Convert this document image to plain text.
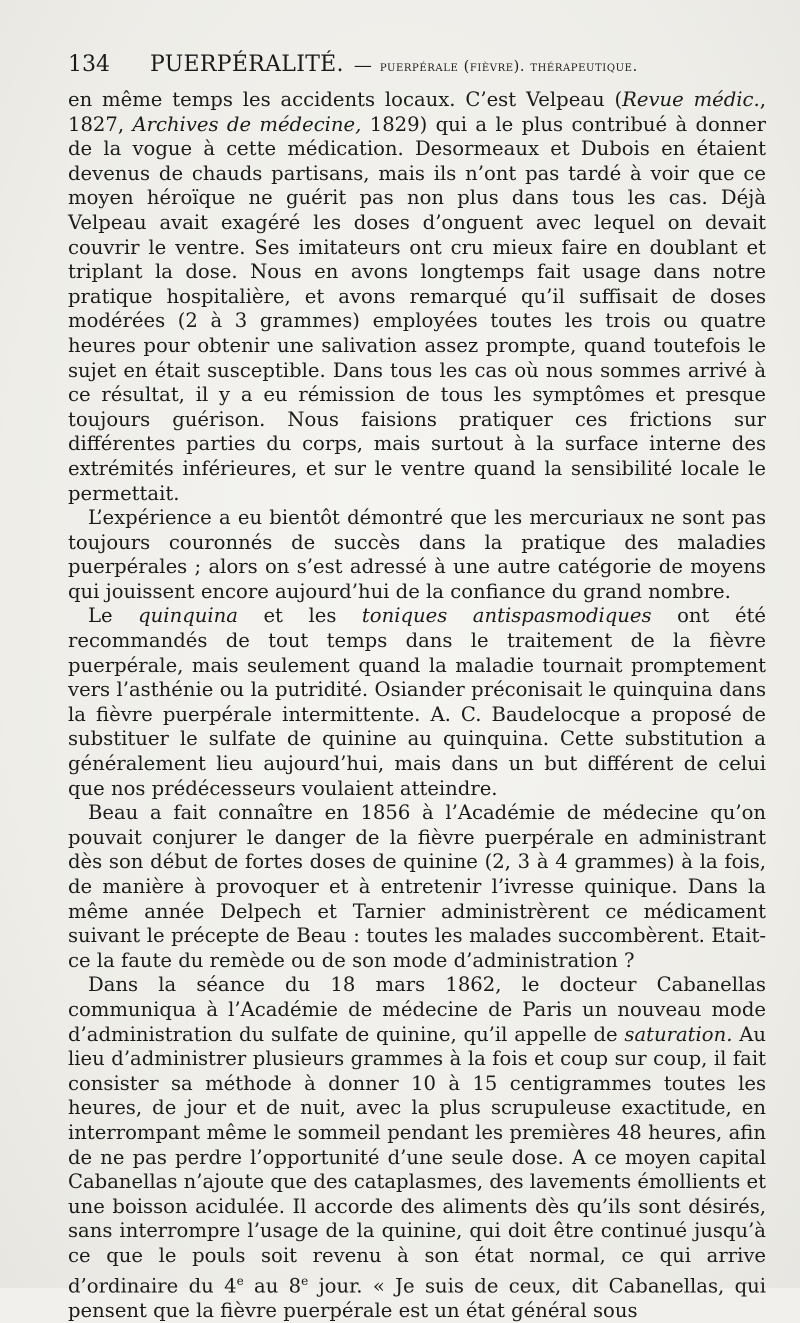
134	PUERPÉRALITÉ. — puerpérale (fièvre). thérapeutique.

en même temps les accidents locaux. C’est Velpeau (Revue médic., 1827, Archives de médecine, 1829) qui a le plus contribué à donner de la vogue à cette médication. Desormeaux et Dubois en étaient devenus de chauds partisans, mais ils n’ont pas tardé à voir que ce moyen héroïque ne guérit pas non plus dans tous les cas. Déjà Velpeau avait exagéré les doses d’onguent avec lequel on devait couvrir le ventre. Ses imitateurs ont cru mieux faire en doublant et triplant la dose. Nous en avons longtemps fait usage dans notre pratique hospitalière, et avons remarqué qu’il suffisait de doses modérées (2 à 3 grammes) employées toutes les trois ou quatre heures pour obtenir une salivation assez prompte, quand toutefois le sujet en était susceptible. Dans tous les cas où nous sommes arrivé à ce résultat, il y a eu rémission de tous les symptômes et presque toujours guérison. Nous faisions pratiquer ces frictions sur différentes parties du corps, mais surtout à la surface interne des extrémités inférieures, et sur le ventre quand la sensibilité locale le permettait.

L’expérience a eu bientôt démontré que les mercuriaux ne sont pas toujours couronnés de succès dans la pratique des maladies puerpérales ; alors on s’est adressé à une autre catégorie de moyens qui jouissent encore aujourd’hui de la confiance du grand nombre.

Le quinquina et les toniques antispasmodiques ont été recommandés de tout temps dans le traitement de la fièvre puerpérale, mais seulement quand la maladie tournait promptement vers l’asthénie ou la putridité. Osiander préconisait le quinquina dans la fièvre puerpérale intermittente. A. C. Baudelocque a proposé de substituer le sulfate de quinine au quinquina. Cette substitution a généralement lieu aujourd’hui, mais dans un but différent de celui que nos prédécesseurs voulaient atteindre.

Beau a fait connaître en 1856 à l’Académie de médecine qu’on pouvait conjurer le danger de la fièvre puerpérale en administrant dès son début de fortes doses de quinine (2, 3 à 4 grammes) à la fois, de manière à provoquer et à entretenir l’ivresse quinique. Dans la même année Delpech et Tarnier administrèrent ce médicament suivant le précepte de Beau : toutes les malades succombèrent. Etait-ce la faute du remède ou de son mode d’administration ?

Dans la séance du 18 mars 1862, le docteur Cabanellas communiqua à l’Académie de médecine de Paris un nouveau mode d’administration du sulfate de quinine, qu’il appelle de saturation. Au lieu d’administrer plusieurs grammes à la fois et coup sur coup, il fait consister sa méthode à donner 10 à 15 centigrammes toutes les heures, de jour et de nuit, avec la plus scrupuleuse exactitude, en interrompant même le sommeil pendant les premières 48 heures, afin de ne pas perdre l’opportunité d’une seule dose. A ce moyen capital Cabanellas n’ajoute que des cataplasmes, des lavements émollients et une boisson acidulée. Il accorde des aliments dès qu’ils sont désirés, sans interrompre l’usage de la quinine, qui doit être continué jusqu’à ce que le pouls soit revenu à son état normal, ce qui arrive d’ordinaire du 4e au 8e jour. « Je suis de ceux, dit Cabanellas, qui pensent que la fièvre puerpérale est un état général sous
